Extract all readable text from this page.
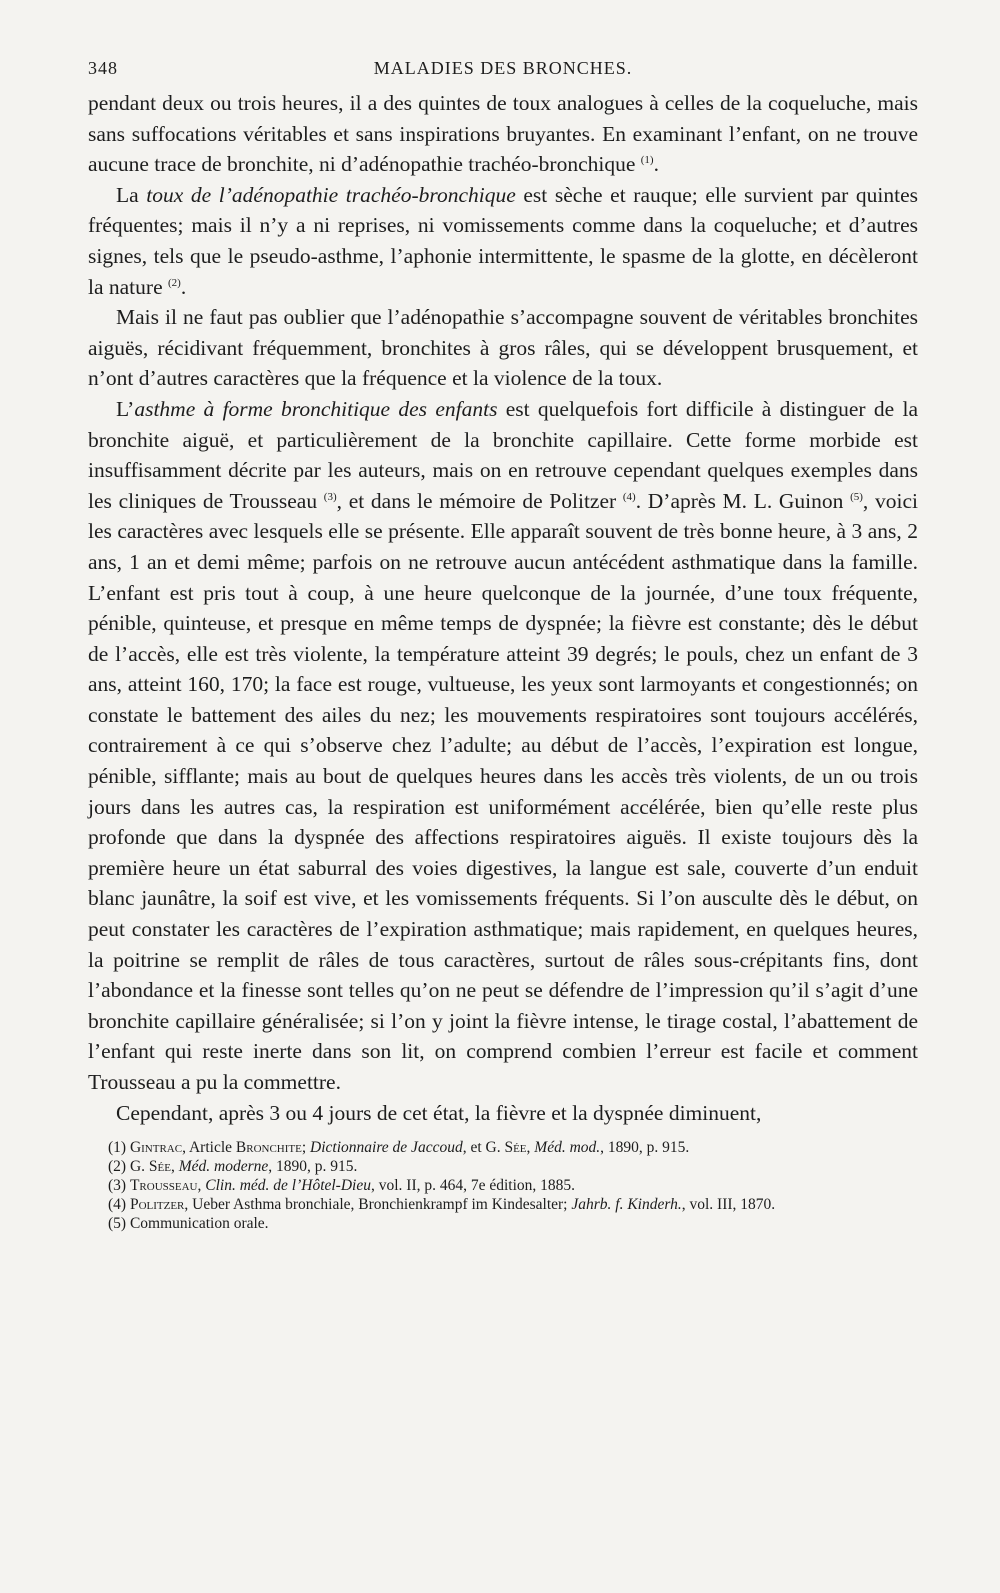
348	MALADIES DES BRONCHES.

pendant deux ou trois heures, il a des quintes de toux analogues à celles de la coqueluche, mais sans suffocations véritables et sans inspirations bruyantes. En examinant l’enfant, on ne trouve aucune trace de bronchite, ni d’adénopathie trachéo-bronchique $^{(1)}$.

La toux de l’adénopathie trachéo-bronchique est sèche et rauque; elle survient par quintes fréquentes; mais il n’y a ni reprises, ni vomissements comme dans la coqueluche; et d’autres signes, tels que le pseudo-asthme, l’aphonie intermittente, le spasme de la glotte, en décèleront la nature $^{(2)}$.

Mais il ne faut pas oublier que l’adénopathie s’accompagne souvent de véritables bronchites aiguës, récidivant fréquemment, bronchites à gros râles, qui se développent brusquement, et n’ont d’autres caractères que la fréquence et la violence de la toux.

L’asthme à forme bronchitique des enfants est quelquefois fort difficile à distinguer de la bronchite aiguë, et particulièrement de la bronchite capillaire. Cette forme morbide est insuffisamment décrite par les auteurs, mais on en retrouve cependant quelques exemples dans les cliniques de Trousseau $^{(3)}$, et dans le mémoire de Politzer $^{(4)}$. D’après M. L. Guinon $^{(5)}$, voici les caractères avec lesquels elle se présente. Elle apparaît souvent de très bonne heure, à 3 ans, 2 ans, 1 an et demi même; parfois on ne retrouve aucun antécédent asthmatique dans la famille. L’enfant est pris tout à coup, à une heure quelconque de la journée, d’une toux fréquente, pénible, quinteuse, et presque en même temps de dyspnée; la fièvre est constante; dès le début de l’accès, elle est très violente, la température atteint 39 degrés; le pouls, chez un enfant de 3 ans, atteint 160, 170; la face est rouge, vultueuse, les yeux sont larmoyants et congestionnés; on constate le battement des ailes du nez; les mouvements respiratoires sont toujours accélérés, contrairement à ce qui s’observe chez l’adulte; au début de l’accès, l’expiration est longue, pénible, sifflante; mais au bout de quelques heures dans les accès très violents, de un ou trois jours dans les autres cas, la respiration est uniformément accélérée, bien qu’elle reste plus profonde que dans la dyspnée des affections respiratoires aiguës. Il existe toujours dès la première heure un état saburral des voies digestives, la langue est sale, couverte d’un enduit blanc jaunâtre, la soif est vive, et les vomissements fréquents. Si l’on ausculte dès le début, on peut constater les caractères de l’expiration asthmatique; mais rapidement, en quelques heures, la poitrine se remplit de râles de tous caractères, surtout de râles sous-crépitants fins, dont l’abondance et la finesse sont telles qu’on ne peut se défendre de l’impression qu’il s’agit d’une bronchite capillaire généralisée; si l’on y joint la fièvre intense, le tirage costal, l’abattement de l’enfant qui reste inerte dans son lit, on comprend combien l’erreur est facile et comment Trousseau a pu la commettre.

Cependant, après 3 ou 4 jours de cet état, la fièvre et la dyspnée diminuent,

(1) Gintrac, Article Bronchite; Dictionnaire de Jaccoud, et G. Sée, Méd. mod., 1890, p. 915.

(2) G. Sée, Méd. moderne, 1890, p. 915.

(3) Trousseau, Clin. méd. de l’Hôtel-Dieu, vol. II, p. 464, 7e édition, 1885.

(4) Politzer, Ueber Asthma bronchiale, Bronchienkrampf im Kindesalter; Jahrb. f. Kinderh., vol. III, 1870.

(5) Communication orale.
